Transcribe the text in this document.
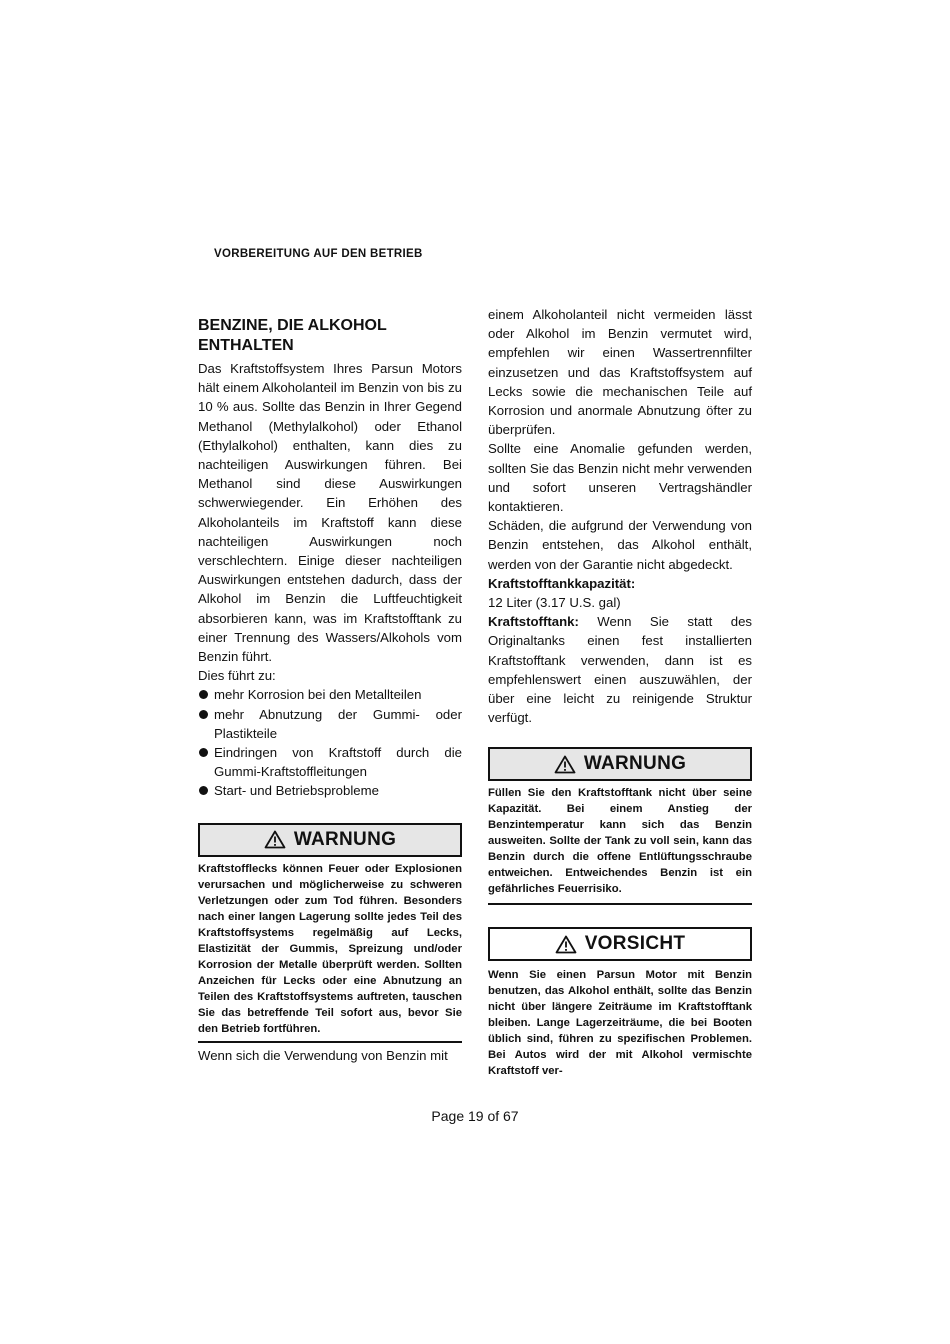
VORBEREITUNG AUF DEN BETRIEB
BENZINE, DIE ALKOHOL ENTHALTEN

Das Kraftstoffsystem Ihres Parsun Motors hält einem Alkoholanteil im Benzin von bis zu 10 % aus. Sollte das Benzin in Ihrer Gegend Methanol (Methylalkohol) oder Ethanol (Ethylalkohol) enthalten, kann dies zu nachteiligen Auswirkungen führen. Bei Methanol sind diese Auswirkungen schwerwiegender. Ein Erhöhen des Alkoholanteils im Kraftstoff kann diese nachteiligen Auswirkungen noch verschlechtern. Einige dieser nachteiligen Auswirkungen entstehen dadurch, dass der Alkohol im Benzin die Luftfeuchtigkeit absorbieren kann, was im Kraftstofftank zu einer Trennung des Wassers/Alkohols vom Benzin führt.

Dies führt zu:

mehr Korrosion bei den Metallteilen
mehr Abnutzung der Gummi- oder Plastikteile
Eindringen von Kraftstoff durch die Gummi-Kraftstoffleitungen
Start- und Betriebsprobleme
WARNUNG

Kraftstofflecks können Feuer oder Explosionen verursachen und möglicherweise zu schweren Verletzungen oder zum Tod führen. Besonders nach einer langen Lagerung sollte jedes Teil des Kraftstoffsystems regelmäßig auf Lecks, Elastizität der Gummis, Spreizung und/oder Korrosion der Metalle überprüft werden. Sollten Anzeichen für Lecks oder eine Abnutzung an Teilen des Kraftstoffsystems auftreten, tauschen Sie das betreffende Teil sofort aus, bevor Sie den Betrieb fortführen.

Wenn sich die Verwendung von Benzin mit

einem Alkoholanteil nicht vermeiden lässt oder Alkohol im Benzin vermutet wird, empfehlen wir einen Wassertrennfilter einzusetzen und das Kraftstoffsystem auf Lecks sowie die mechanischen Teile auf Korrosion und anormale Abnutzung öfter zu überprüfen.

Sollte eine Anomalie gefunden werden, sollten Sie das Benzin nicht mehr verwenden und sofort unseren Vertragshändler kontaktieren.

Schäden, die aufgrund der Verwendung von Benzin entstehen, das Alkohol enthält, werden von der Garantie nicht abgedeckt.

Kraftstofftankkapazität:

12 Liter (3.17 U.S. gal)

Kraftstofftank: Wenn Sie statt des Originaltanks einen fest installierten Kraftstofftank verwenden, dann ist es empfehlenswert einen auszuwählen, der über eine leicht zu reinigende Struktur verfügt.

WARNUNG

Füllen Sie den Kraftstofftank nicht über seine Kapazität. Bei einem Anstieg der Benzintemperatur kann sich das Benzin ausweiten. Sollte der Tank zu voll sein, kann das Benzin durch die offene Entlüftungsschraube entweichen. Entweichendes Benzin ist ein gefährliches Feuerrisiko.

VORSICHT

Wenn Sie einen Parsun Motor mit Benzin benutzen, das Alkohol enthält, sollte das Benzin nicht über längere Zeiträume im Kraftstofftank bleiben. Lange Lagerzeiträume, die bei Booten üblich sind, führen zu spezifischen Problemen. Bei Autos wird der mit Alkohol vermischte Kraftstoff ver-

Page 19 of 67
